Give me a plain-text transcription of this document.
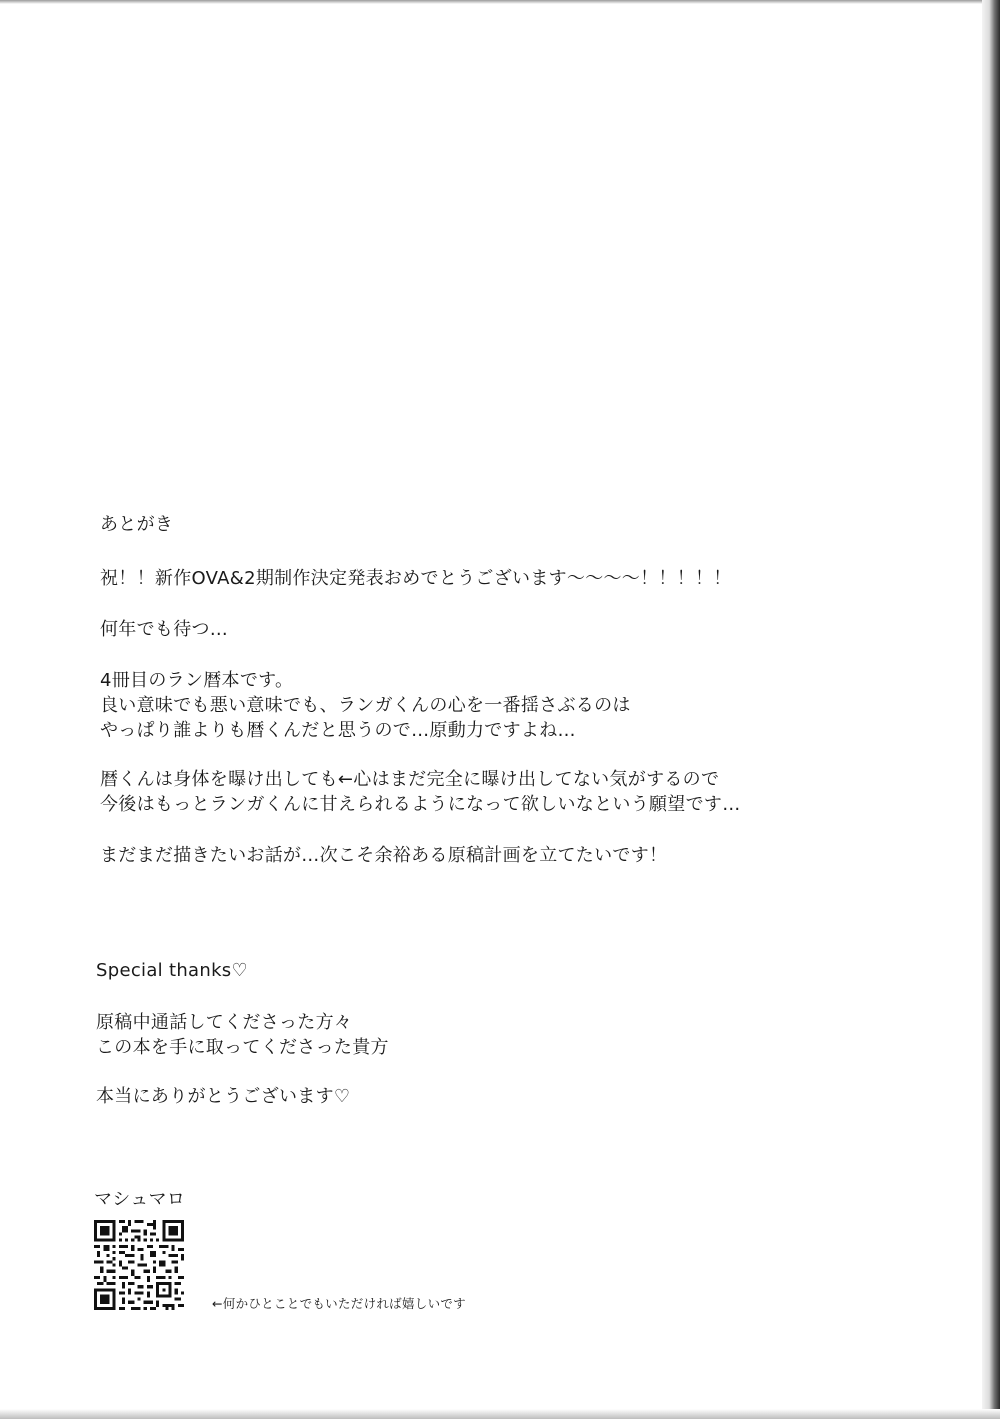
あとがき
祝！！新作OVA&2期制作決定発表おめでとうございます〜〜〜〜！！！！！
何年でも待つ…
4冊目のラン暦本です。
良い意味でも悪い意味でも、ランガくんの心を一番揺さぶるのは
やっぱり誰よりも暦くんだと思うので…原動力ですよね…
暦くんは身体を曝け出しても←心はまだ完全に曝け出してない気がするので
今後はもっとランガくんに甘えられるようになって欲しいなという願望です…
まだまだ描きたいお話が…次こそ余裕ある原稿計画を立てたいです！
Special thanks♡
原稿中通話してくださった方々
この本を手に取ってくださった貴方
本当にありがとうございます♡
マシュマロ
←何かひとことでもいただければ嬉しいです
